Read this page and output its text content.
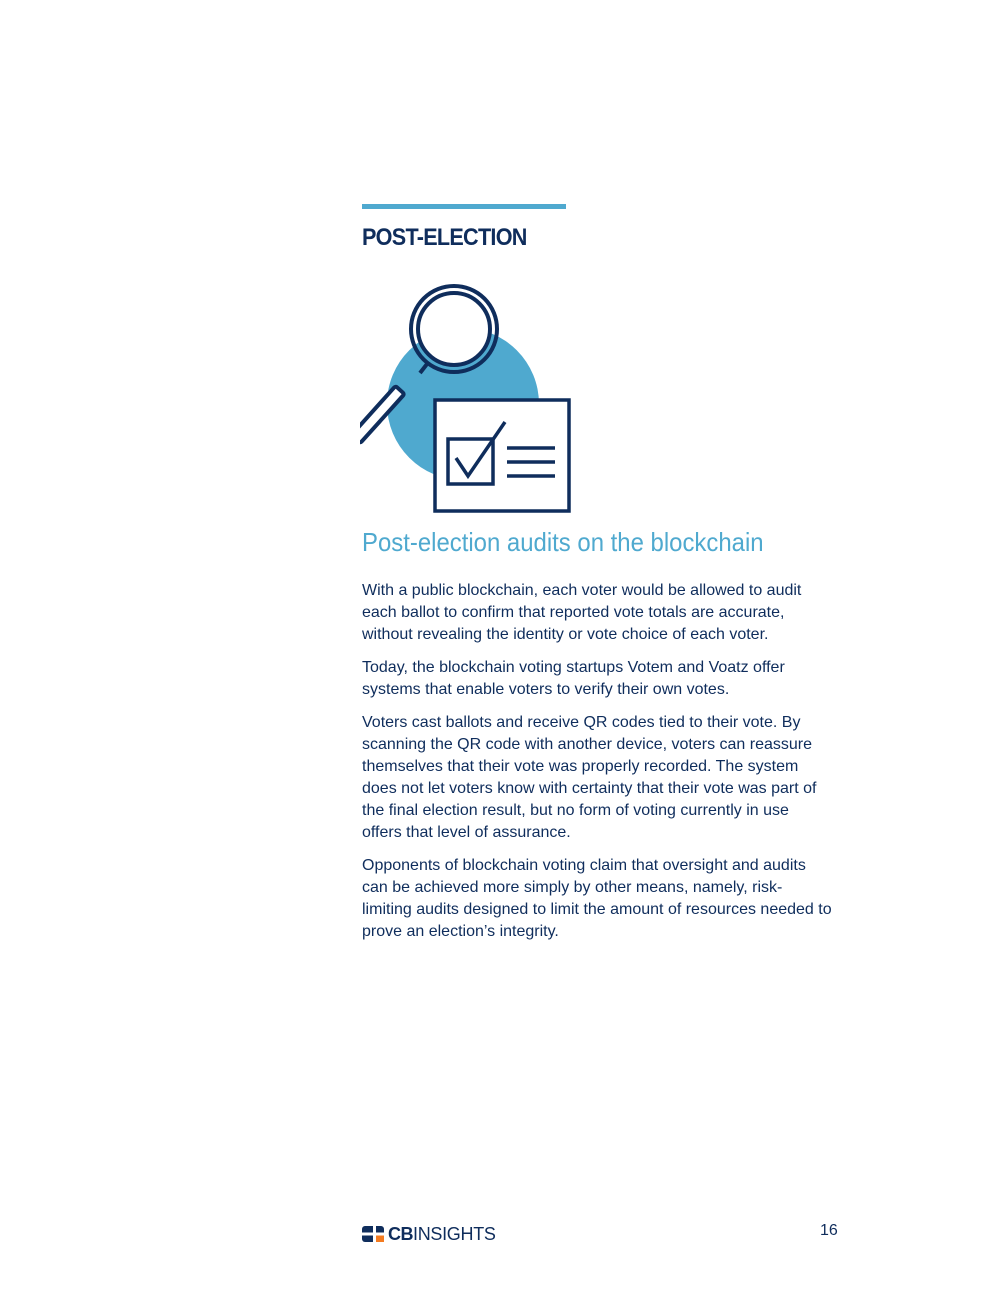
POST-ELECTION
Post-election audits on the blockchain

With a public blockchain, each voter would be allowed to audit each ballot to confirm that reported vote totals are accurate, without revealing the identity or vote choice of each voter.

Today, the blockchain voting startups Votem and Voatz offer systems that enable voters to verify their own votes.

Voters cast ballots and receive QR codes tied to their vote. By scanning the QR code with another device, voters can reassure themselves that their vote was properly recorded. The system does not let voters know with certainty that their vote was part of the final election result, but no form of voting currently in use offers that level of assurance.

Opponents of blockchain voting claim that oversight and audits can be achieved more simply by other means, namely, risk-limiting audits designed to limit the amount of resources needed to prove an election’s integrity.

CB INSIGHTS	16
